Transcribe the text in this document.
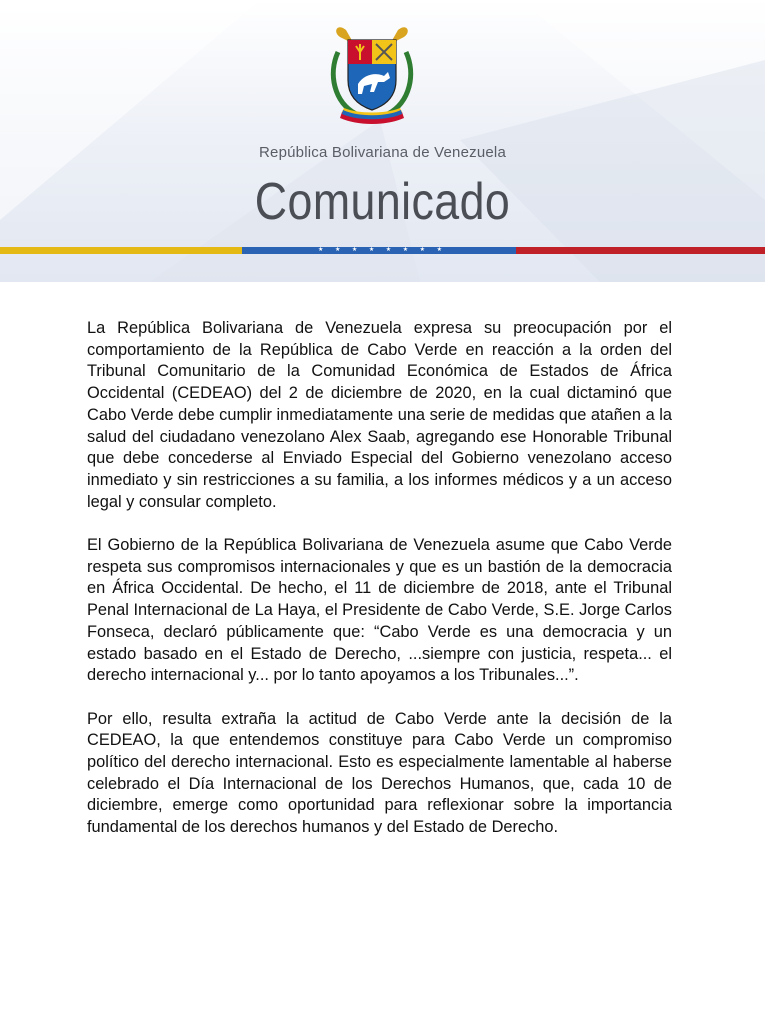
República Bolivariana de Venezuela
Comunicado
★ ★ ★ ★ ★ ★ ★ ★

La República Bolivariana de Venezuela expresa su preocupación por el comportamiento de la República de Cabo Verde en reacción a la orden del Tribunal Comunitario de la Comunidad Económica de Estados de África Occidental (CEDEAO) del 2 de diciembre de 2020, en la cual dictaminó que Cabo Verde debe cumplir inmediatamente una serie de medidas que atañen a la salud del ciudadano venezolano Alex Saab, agregando ese Honorable Tribunal que debe concederse al Enviado Especial del Gobierno venezolano acceso inmediato y sin restricciones a su familia, a los informes médicos y a un acceso legal y consular completo.

El Gobierno de la República Bolivariana de Venezuela asume que Cabo Verde respeta sus compromisos internacionales y que es un bastión de la democracia en África Occidental. De hecho, el 11 de diciembre de 2018, ante el Tribunal Penal Internacional de La Haya, el Presidente de Cabo Verde, S.E. Jorge Carlos Fonseca, declaró públicamente que: “Cabo Verde es una democracia y un estado basado en el Estado de Derecho, ...siempre con justicia, respeta... el derecho internacional y... por lo tanto apoyamos a los Tribunales...”.

Por ello, resulta extraña la actitud de Cabo Verde ante la decisión de la CEDEAO, la que entendemos constituye para Cabo Verde un compromiso político del derecho internacional. Esto es especialmente lamentable al haberse celebrado el Día Internacional de los Derechos Humanos, que, cada 10 de diciembre, emerge como oportunidad para reflexionar sobre la importancia fundamental de los derechos humanos y del Estado de Derecho.
